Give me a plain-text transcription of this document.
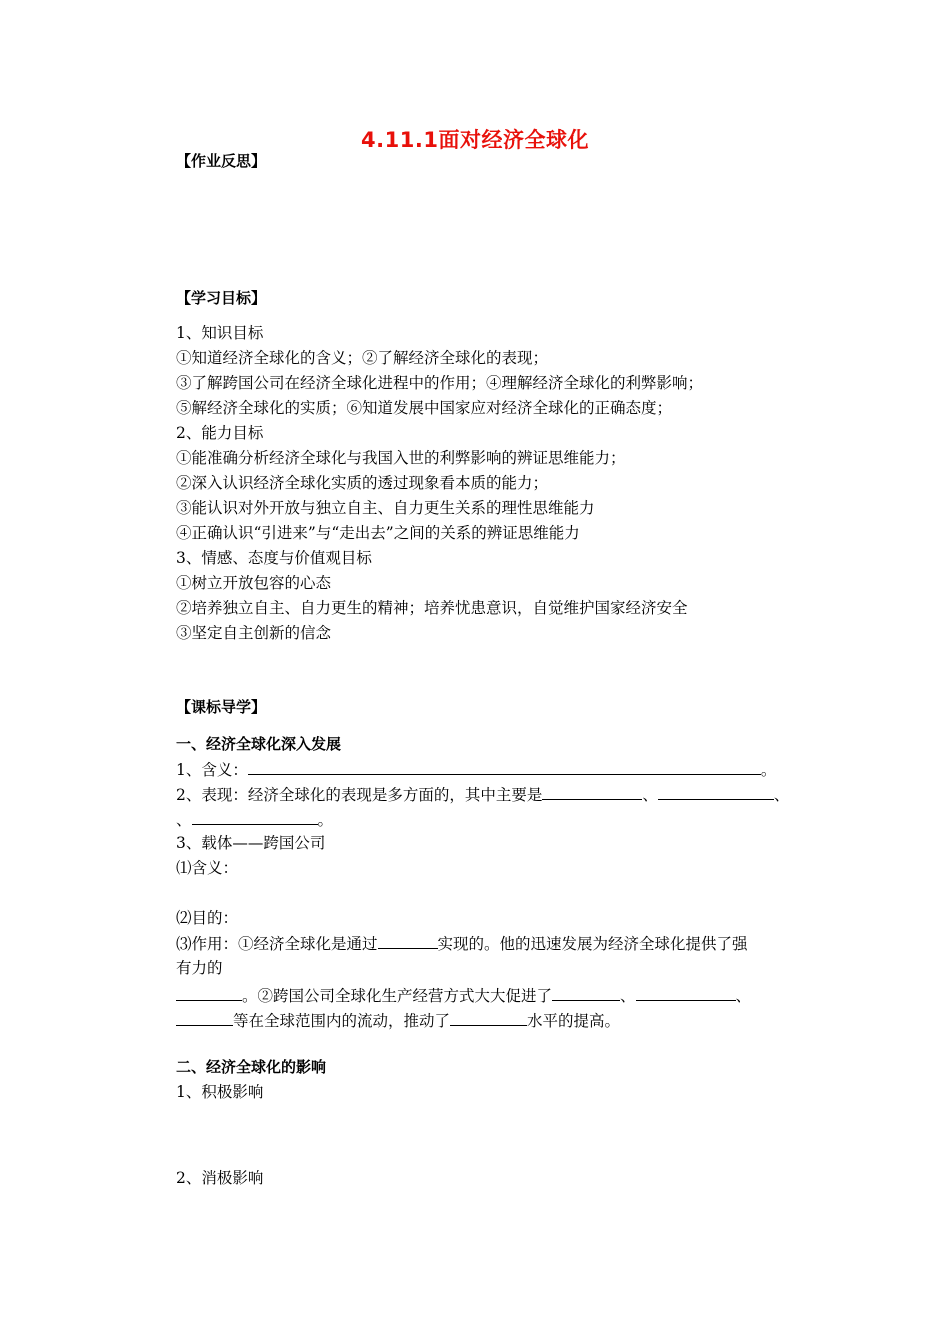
4.11.1面对经济全球化
【作业反思】
【学习目标】
1、知识目标
①知道经济全球化的含义；②了解经济全球化的表现；
③了解跨国公司在经济全球化进程中的作用；④理解经济全球化的利弊影响；
⑤解经济全球化的实质；⑥知道发展中国家应对经济全球化的正确态度；
2、能力目标
①能准确分析经济全球化与我国入世的利弊影响的辨证思维能力；
②深入认识经济全球化实质的透过现象看本质的能力；
③能认识对外开放与独立自主、自力更生关系的理性思维能力
④正确认识“引进来”与“走出去”之间的关系的辨证思维能力
3、情感、态度与价值观目标
①树立开放包容的心态
②培养独立自主、自力更生的精神；培养忧患意识，自觉维护国家经济安全
③坚定自主创新的信念
【课标导学】
一、经济全球化深入发展
1、含义：	。
2、表现：经济全球化的表现是多方面的，其中主要是	、	、
、	。
3、载体——跨国公司
⑴含义：
⑵目的：
⑶作用：①经济全球化是通过	实现的。他的迅速发展为经济全球化提供了强
有力的
。②跨国公司全球化生产经营方式大大促进了	、	、
等在全球范围内的流动，推动了	水平的提高。
二、经济全球化的影响
1、积极影响
2、消极影响
